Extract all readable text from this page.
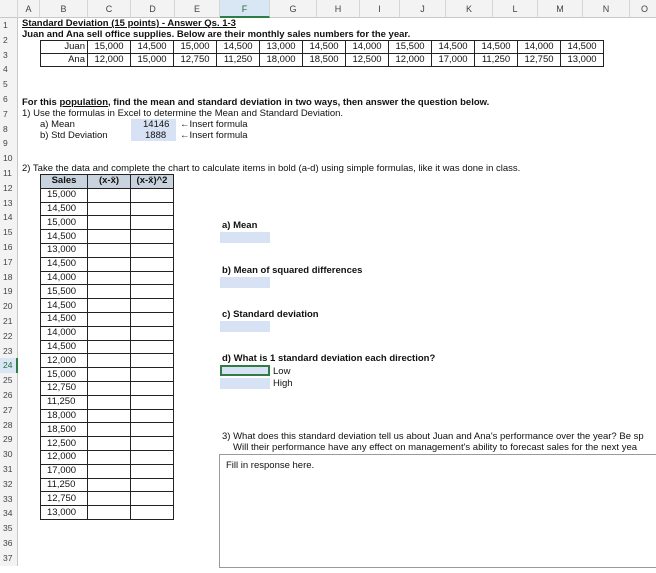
A	B	C	D	E	F	G	H	I	J	K	L	M	N	O
1
2
3
4
5
6
7
8
9
10
11
12
13
14
15
16
17
18
19
20
21
22
23
24
25
26
27
28
29
30
31
32
33
34
35
36
37
Standard Deviation (15 points) - Answer Qs. 1-3
Juan and Ana sell office supplies. Below are their monthly sales numbers for the year.
Juan	15,000	14,500	15,000	14,500	13,000	14,500	14,000	15,500	14,500	14,500	14,000	14,500
Ana	12,000	15,000	12,750	11,250	18,000	18,500	12,500	12,000	17,000	11,250	12,750	13,000
For this population, find the mean and standard deviation in two ways, then answer the question below.
1) Use the formulas in Excel to determine the Mean and Standard Deviation.
a) Mean	14146 ←Insert formula
b) Std Deviation	1888 ←Insert formula
2) Take the data and complete the chart to calculate items in bold (a-d) using simple formulas, like it was done in class.
Sales	(x-x̄)	(x-x̄)^2
15,000		
14,500		
15,000		
14,500		
13,000		
14,500		
14,000		
15,500		
14,500		
14,500		
14,000		
14,500		
12,000		
15,000		
12,750		
11,250		
18,000		
18,500		
12,500		
12,000		
17,000		
11,250		
12,750		
13,000		
a) Mean
b) Mean of squared differences
c) Standard deviation
d) What is 1 standard deviation each direction?
Low
High
3) What does this standard deviation tell us about Juan and Ana's performance over the year? Be sp
Will their performance have any effect on management's ability to forecast sales for the next yea
Fill in response here.
